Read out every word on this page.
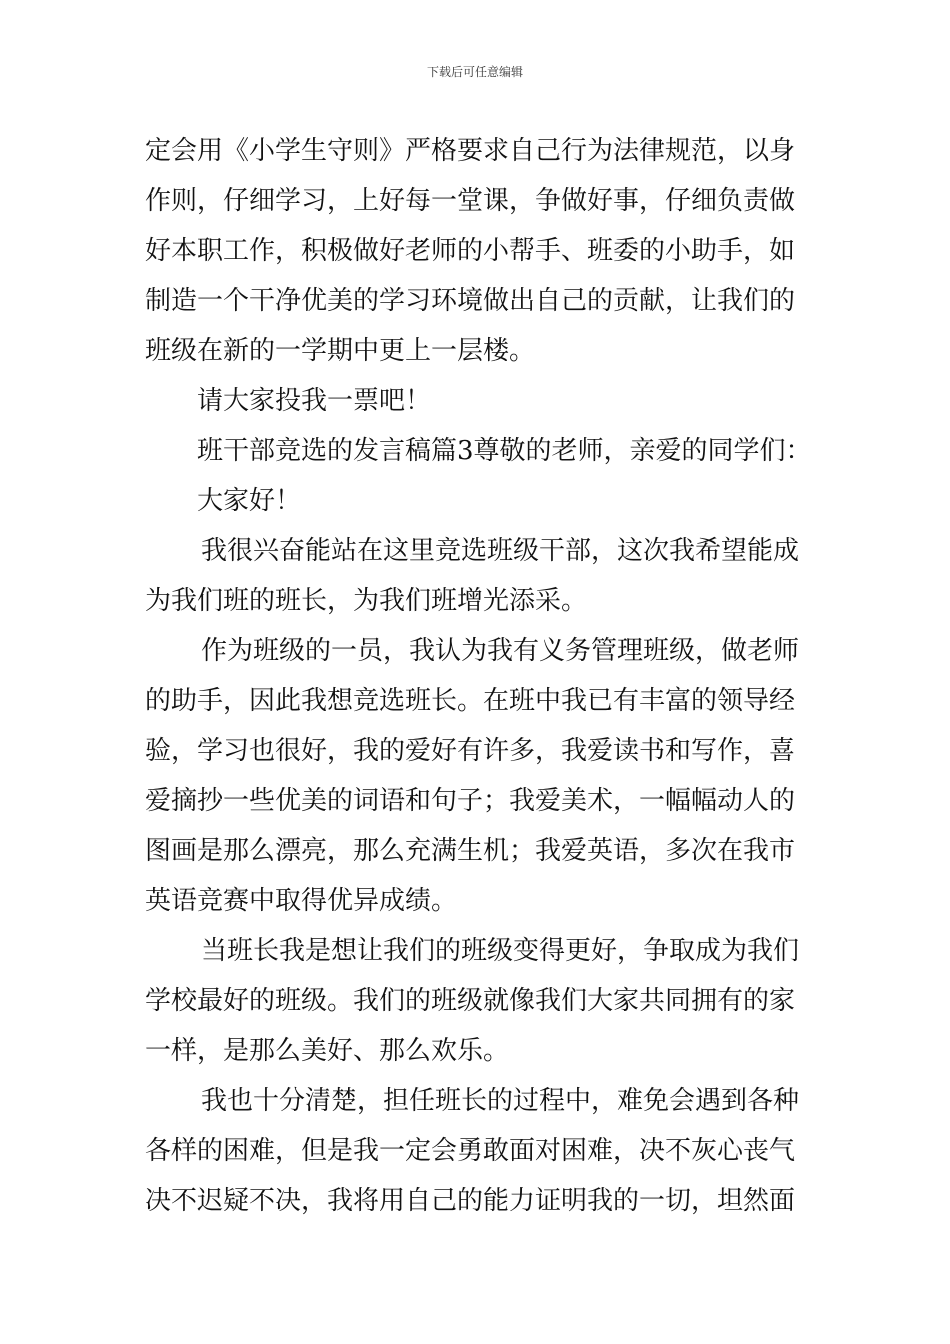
下载后可任意编辑
定会用《小学生守则》严格要求自己行为法律规范，以身
作则，仔细学习，上好每一堂课，争做好事，仔细负责做
好本职工作，积极做好老师的小帮手、班委的小助手，如
制造一个干净优美的学习环境做出自己的贡献，让我们的
班级在新的一学期中更上一层楼。
请大家投我一票吧！
班干部竞选的发言稿篇3尊敬的老师，亲爱的同学们：
大家好！
我很兴奋能站在这里竞选班级干部，这次我希望能成
为我们班的班长，为我们班增光添采。
作为班级的一员，我认为我有义务管理班级，做老师
的助手，因此我想竞选班长。在班中我已有丰富的领导经
验，学习也很好，我的爱好有许多，我爱读书和写作，喜
爱摘抄一些优美的词语和句子；我爱美术，一幅幅动人的
图画是那么漂亮，那么充满生机；我爱英语，多次在我市
英语竞赛中取得优异成绩。
当班长我是想让我们的班级变得更好，争取成为我们
学校最好的班级。我们的班级就像我们大家共同拥有的家
一样，是那么美好、那么欢乐。
我也十分清楚，担任班长的过程中，难免会遇到各种
各样的困难，但是我一定会勇敢面对困难，决不灰心丧气
决不迟疑不决，我将用自己的能力证明我的一切，坦然面
